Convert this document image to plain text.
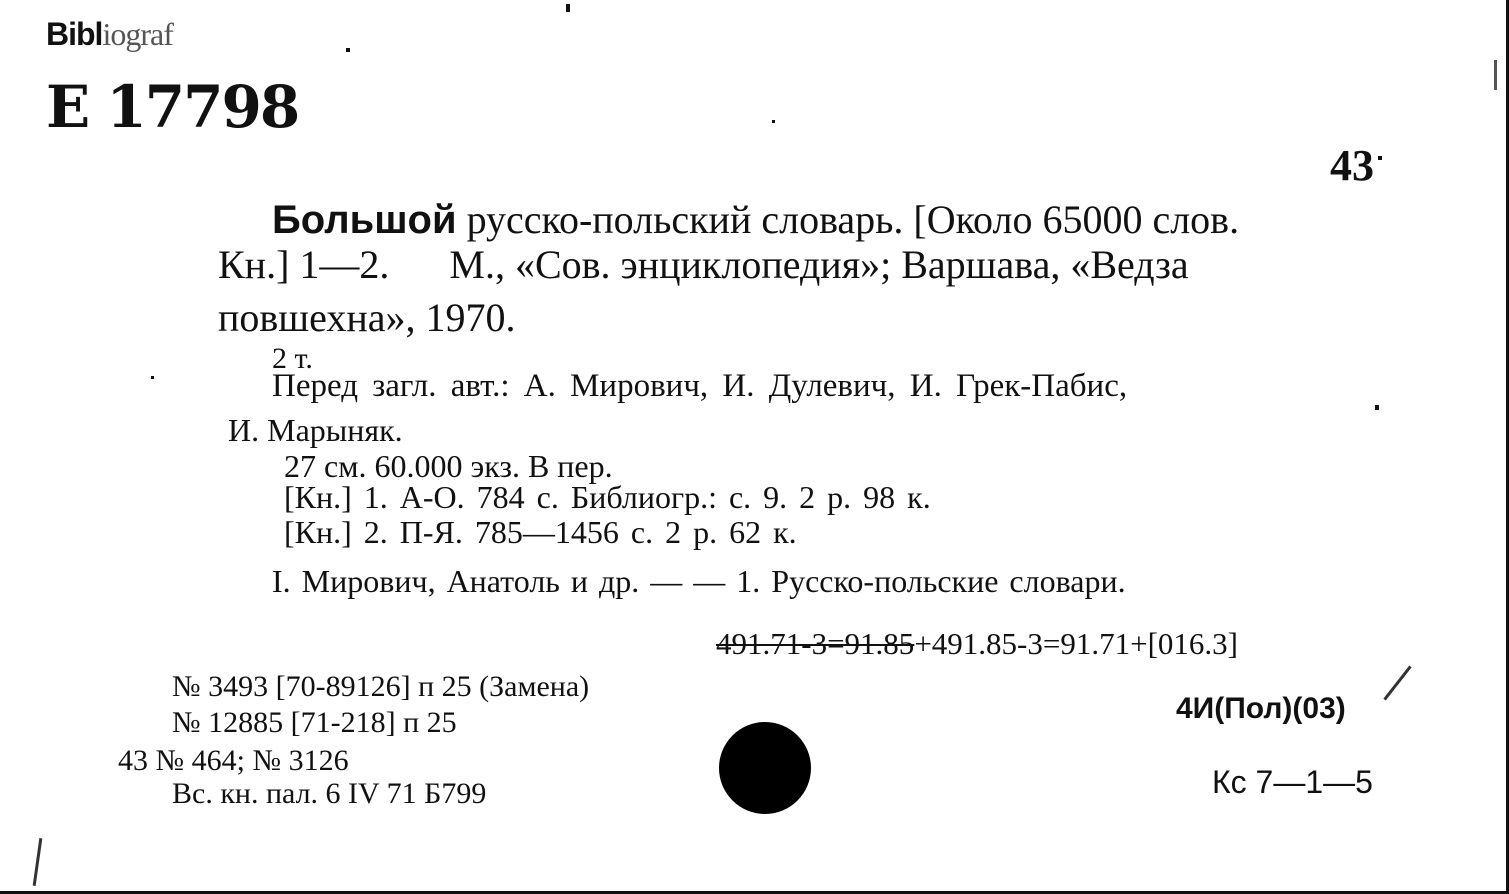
Bibliograf
E 17798
43
Большой русско-польский словарь. [Около 65000 слов.
Кн.] 1—2. М., «Сов. энциклопедия»; Варшава, «Ведза
повшехна», 1970.
2 т.
Перед загл. авт.: А. Мирович, И. Дулевич, И. Грек-Пабис,
И. Марыняк.
27 см. 60.000 экз. В пер.
[Кн.] 1. А-О. 784 с. Библиогр.: с. 9. 2 р. 98 к.
[Кн.] 2. П-Я. 785—1456 с. 2 р. 62 к.
I. Мирович, Анатоль и др. — — 1. Русско-польские словари.
491.71-3=91.85+491.85-3=91.71+[016.3]
4И(Пол)(03)
Кс 7—1—5
№ 3493 [70-89126] п 25 (Замена)
№ 12885 [71-218] п 25
43 № 464; № 3126
Вс. кн. пал. 6 IV 71 Б799
